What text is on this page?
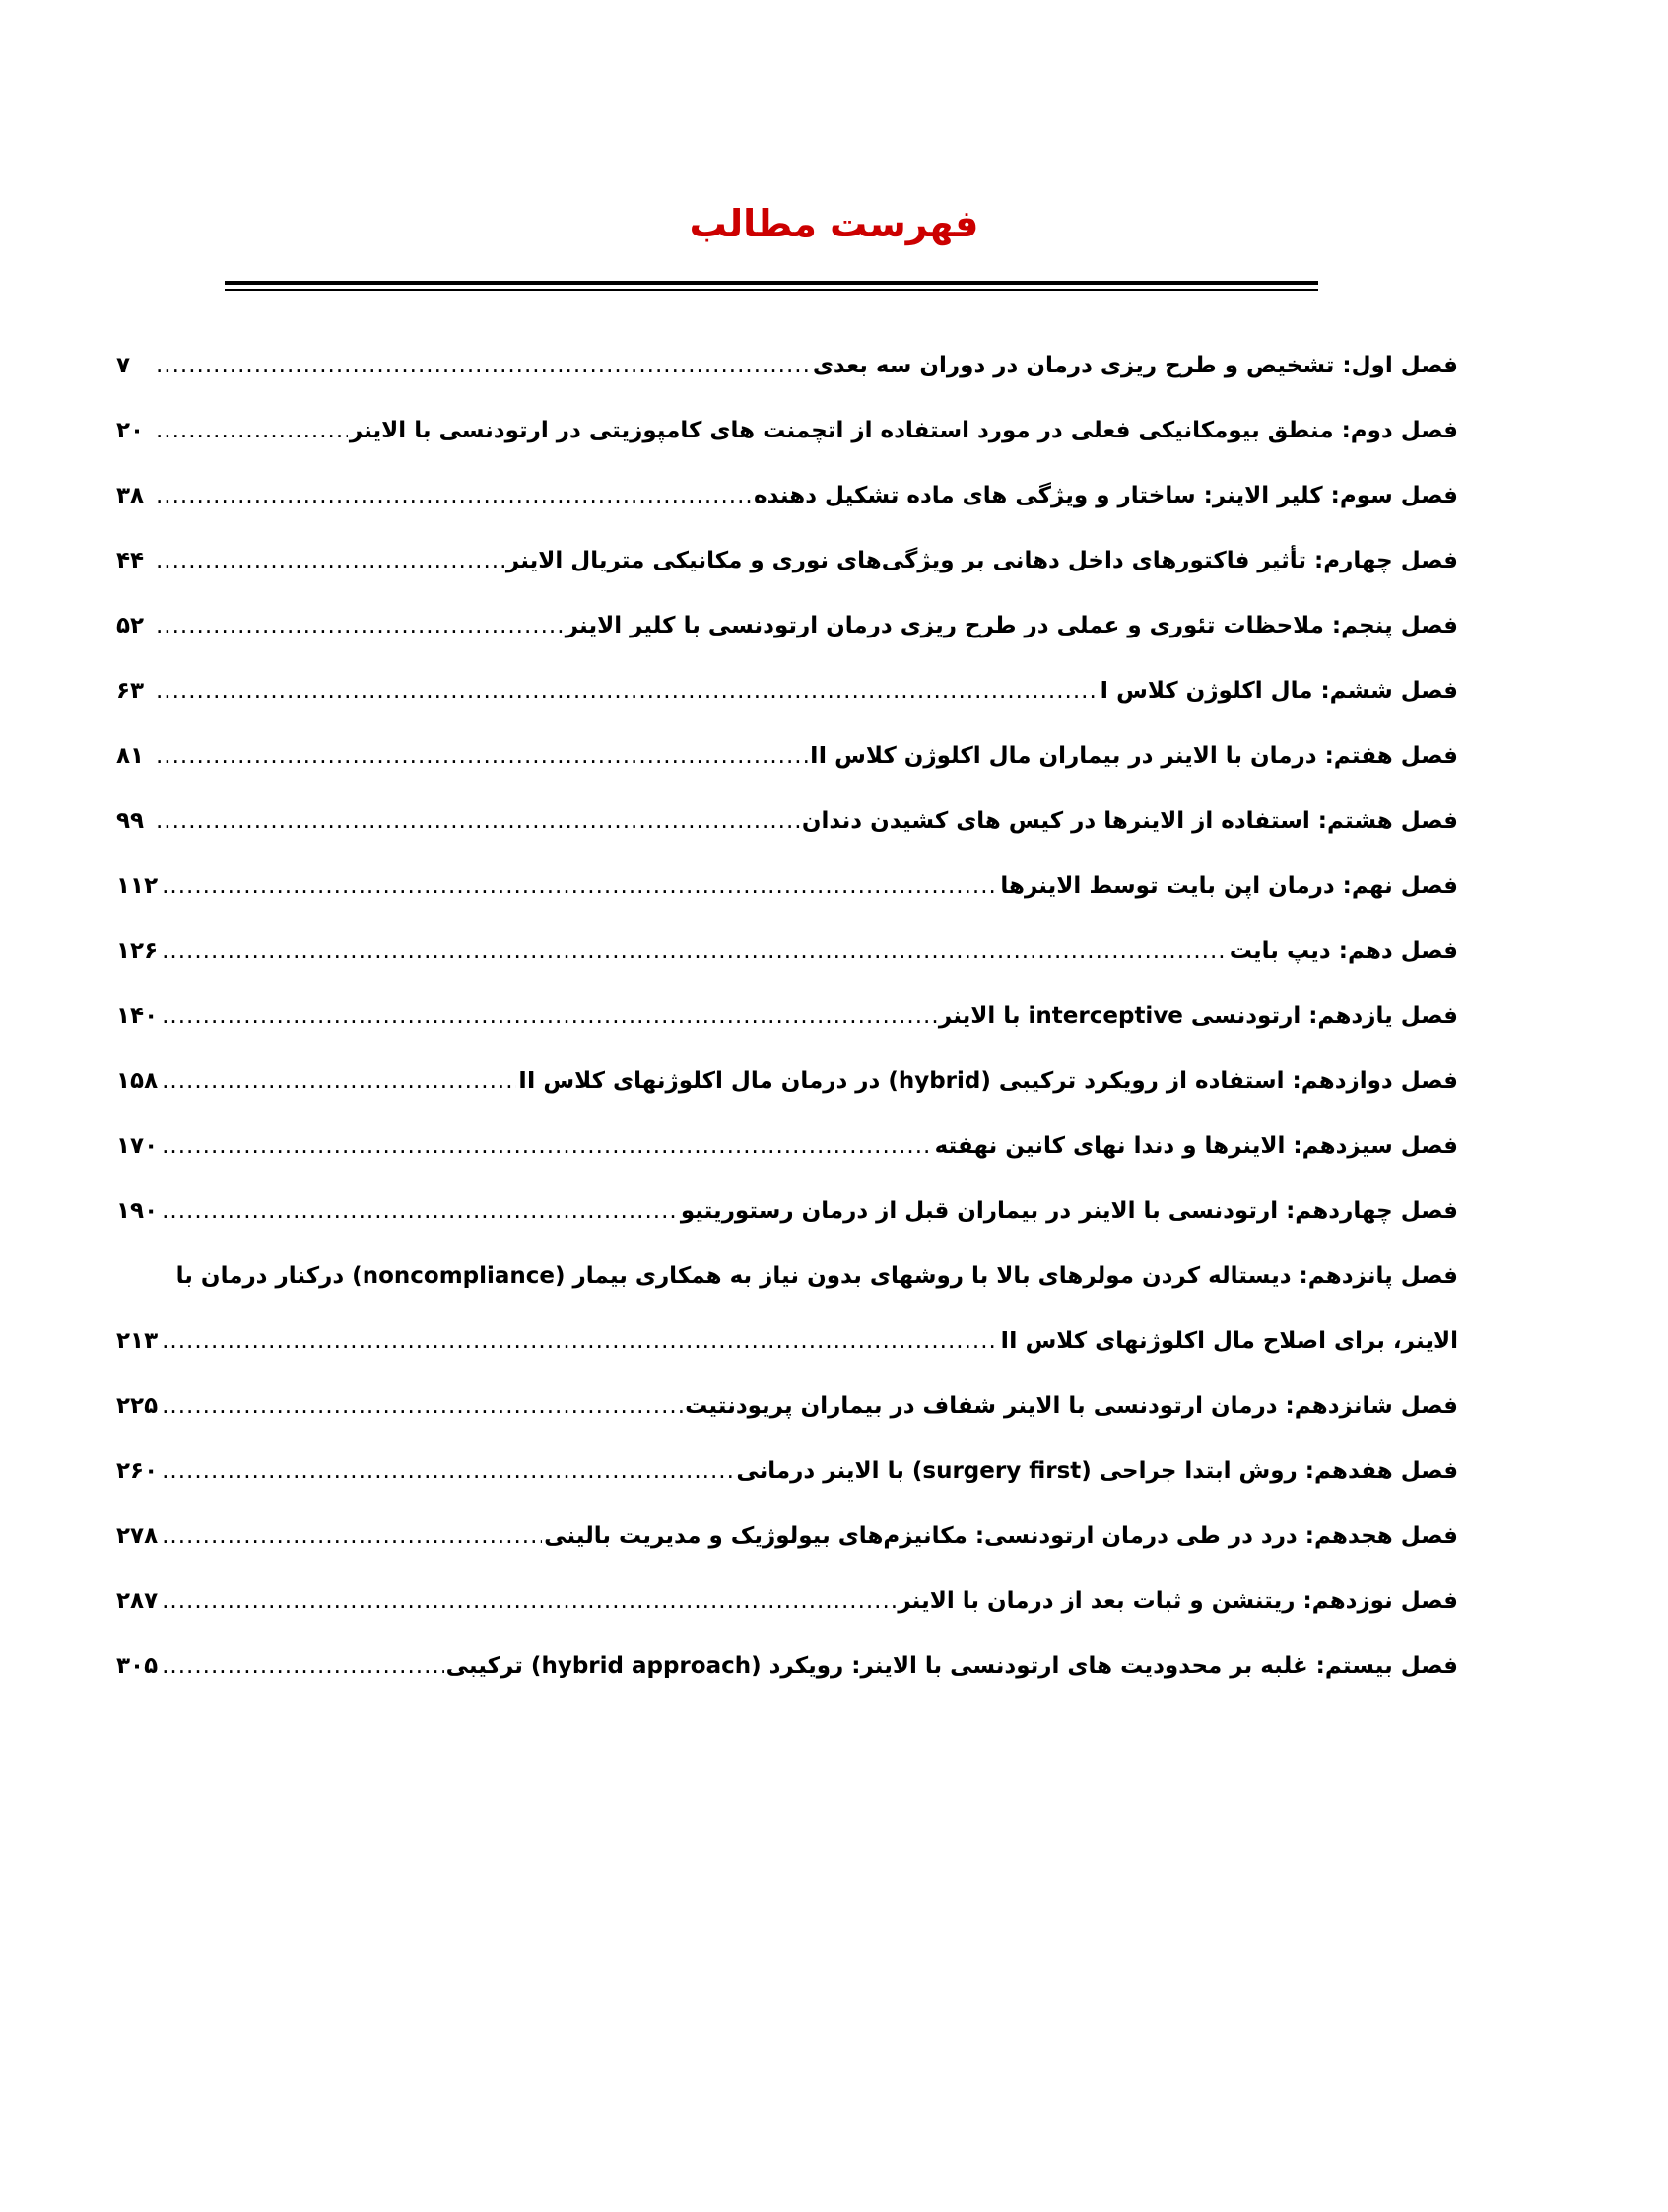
فهرست مطالب
فصل اول: تشخیص و طرح ریزی درمان در دوران سه بعدی
.....
۷
فصل دوم: منطق بیومکانیکی فعلی در مورد استفاده از اتچمنت های کامپوزیتی در ارتودنسی با الاینر
.....
۲۰
فصل سوم: کلیر الاینر: ساختار و ویژگی های ماده تشکیل دهنده
.....
۳۸
فصل چهارم: تأثیر فاکتورهای داخل دهانی بر ویژگی‌های نوری و مکانیکی متریال الاینر
.....
۴۴
فصل پنجم: ملاحظات تئوری و عملی در طرح ریزی درمان ارتودنسی با کلیر الاینر
.....
۵۲
فصل ششم: مال اکلوژن کلاس I
.....
۶۳
فصل هفتم: درمان با الاینر در بیماران مال اکلوژن کلاس II
.....
۸۱
فصل هشتم: استفاده از الاینرها در کیس های کشیدن دندان
.....
۹۹
فصل نهم: درمان اپن بایت توسط الاینرها
.....
۱۱۲
فصل دهم: دیپ بایت
.....
۱۲۶
فصل یازدهم: ارتودنسی interceptive با الاینر
.....
۱۴۰
فصل دوازدهم: استفاده از رویکرد ترکیبی (hybrid) در درمان مال اکلوژنهای کلاس II
.....
۱۵۸
فصل سیزدهم: الاینرها و دندا نهای کانین نهفته
.....
۱۷۰
فصل چهاردهم: ارتودنسی با الاینر در بیماران قبل از درمان رستوریتیو
.....
۱۹۰
فصل پانزدهم: دیستاله کردن مولرهای بالا با روشهای بدون نیاز به همکاری بیمار (noncompliance) درکنار درمان با
الاینر، برای اصلاح مال اکلوژنهای کلاس II
.....
۲۱۳
فصل شانزدهم: درمان ارتودنسی با الاینر شفاف در بیماران پریودنتیت
.....
۲۲۵
فصل هفدهم: روش ابتدا جراحی (surgery first) با الاینر درمانی
.....
۲۶۰
فصل هجدهم: درد در طی درمان ارتودنسی: مکانیزم‌های بیولوژیک و مدیریت بالینی
.....
۲۷۸
فصل نوزدهم: ریتنشن و ثبات بعد از درمان با الاینر
.....
۲۸۷
فصل بیستم: غلبه بر محدودیت های ارتودنسی با الاینر: رویکرد (hybrid approach) ترکیبی
.....
۳۰۵
